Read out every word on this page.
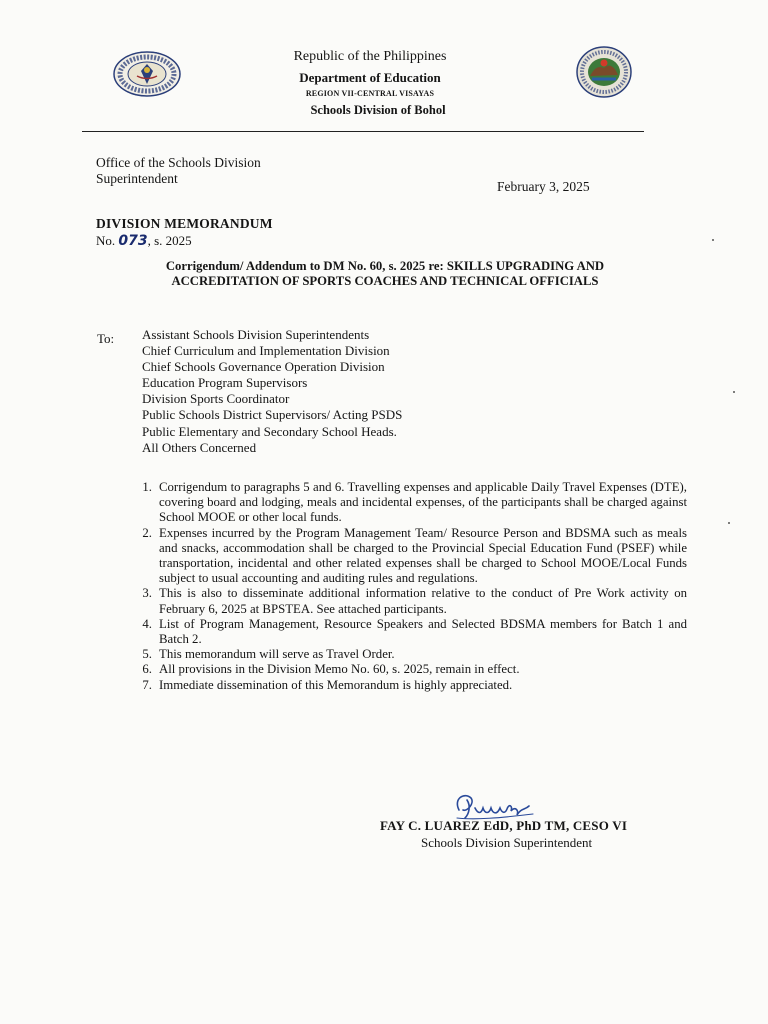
Republic of the Philippines
Department of Education
REGION VII-CENTRAL VISAYAS
Schools Division of Bohol
Office of the Schools Division Superintendent
February 3, 2025
DIVISION MEMORANDUM
No. 073, s. 2025
Corrigendum/ Addendum to DM No. 60, s. 2025 re: SKILLS UPGRADING AND ACCREDITATION OF SPORTS COACHES AND TECHNICAL OFFICIALS
To: Assistant Schools Division Superintendents
Chief Curriculum and Implementation Division
Chief Schools Governance Operation Division
Education Program Supervisors
Division Sports Coordinator
Public Schools District Supervisors/ Acting PSDS
Public Elementary and Secondary School Heads.
All Others Concerned
1. Corrigendum to paragraphs 5 and 6. Travelling expenses and applicable Daily Travel Expenses (DTE), covering board and lodging, meals and incidental expenses, of the participants shall be charged against School MOOE or other local funds.
2. Expenses incurred by the Program Management Team/ Resource Person and BDSMA such as meals and snacks, accommodation shall be charged to the Provincial Special Education Fund (PSEF) while transportation, incidental and other related expenses shall be charged to School MOOE/Local Funds subject to usual accounting and auditing rules and regulations.
3. This is also to disseminate additional information relative to the conduct of Pre Work activity on February 6, 2025 at BPSTEA. See attached participants.
4. List of Program Management, Resource Speakers and Selected BDSMA members for Batch 1 and Batch 2.
5. This memorandum will serve as Travel Order.
6. All provisions in the Division Memo No. 60, s. 2025, remain in effect.
7. Immediate dissemination of this Memorandum is highly appreciated.
FAY C. LUAREZ EdD, PhD TM, CESO VI
Schools Division Superintendent
